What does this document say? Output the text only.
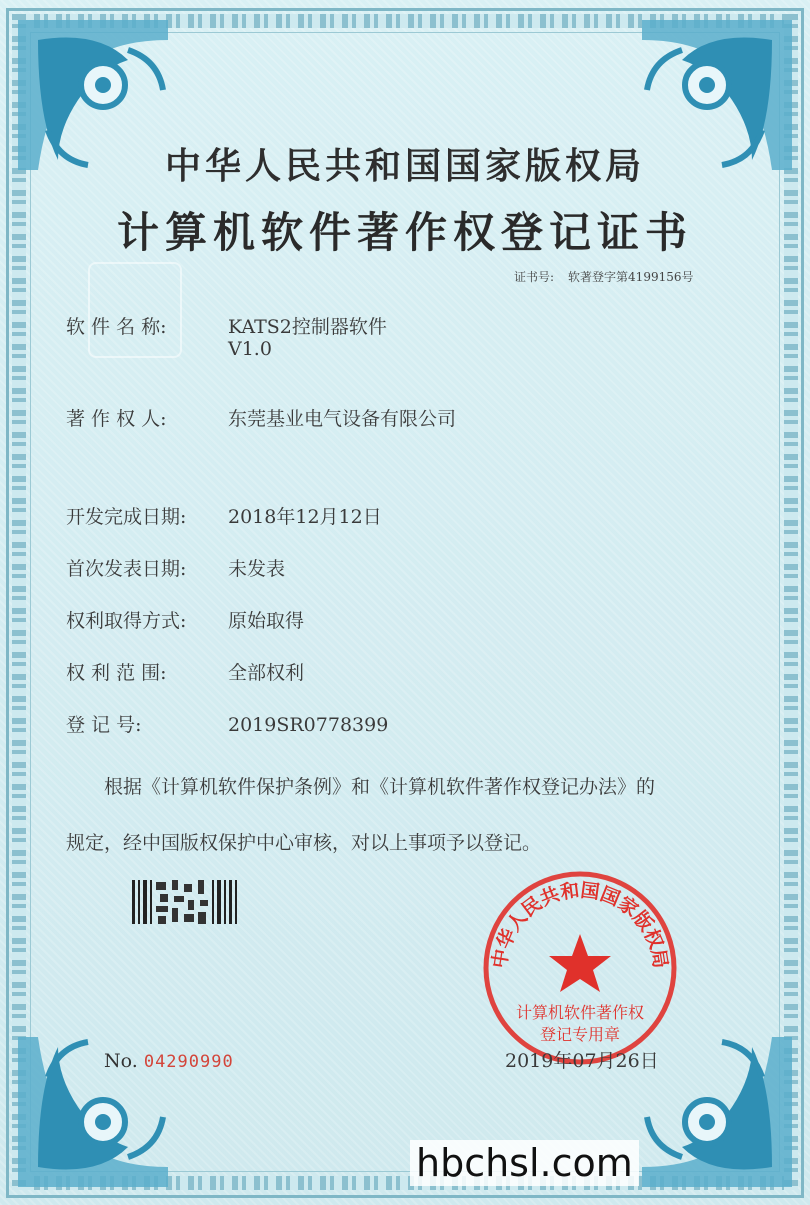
中华人民共和国国家版权局
计算机软件著作权登记证书
证书号: 软著登字第4199156号
软 件 名 称:	KATS2控制器软件
V1.0
著 作 权 人:	东莞基业电气设备有限公司
开发完成日期: 2018年12月12日
首次发表日期: 未发表
权利取得方式: 原始取得
权 利 范 围:	全部权利
登 记 号:	2019SR0778399
根据《计算机软件保护条例》和《计算机软件著作权登记办法》的
规定，经中国版权保护中心审核，对以上事项予以登记。
中华人民共和国国家版权局
计算机软件著作权
登记专用章
No. 04290990	2019年07月26日
hbchsl.com
